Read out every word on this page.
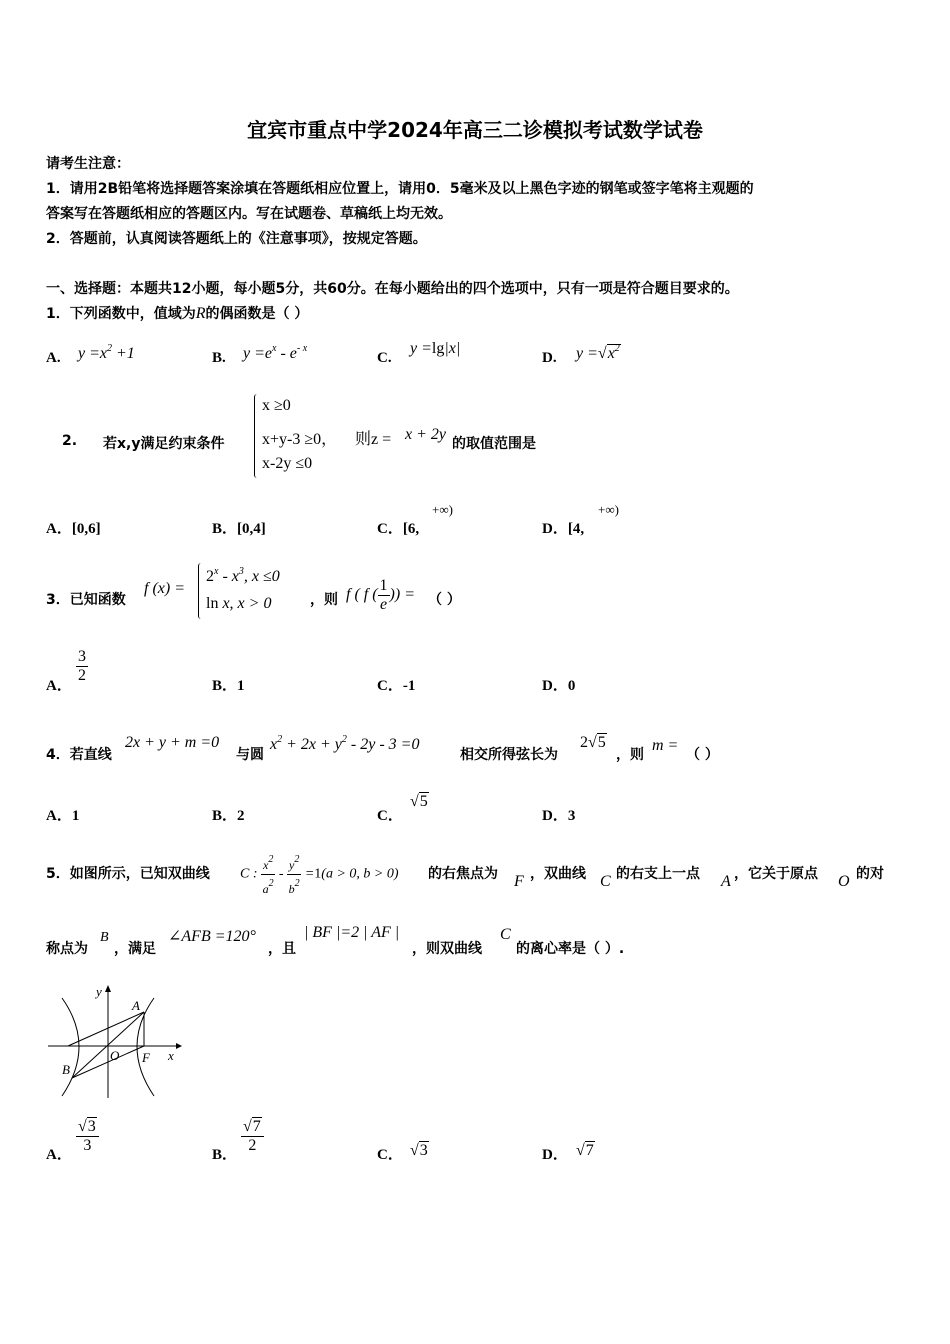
宜宾市重点中学2024年高三二诊模拟考试数学试卷
请考生注意：
1．请用2B铅笔将选择题答案涂填在答题纸相应位置上，请用0．5毫米及以上黑色字迹的钢笔或签字笔将主观题的
答案写在答题纸相应的答题区内。写在试题卷、草稿纸上均无效。
2．答题前，认真阅读答题纸上的《注意事项》，按规定答题。
一、选择题：本题共12小题，每小题5分，共60分。在每小题给出的四个选项中，只有一项是符合题目要求的。
1．下列函数中，值域为R的偶函数是（ ）
A. $y =x^2 +1$	B. $y =e^x - e^{- x}$
C.
y =lg|x|
D. $y =√x^2$
2. 若x,y满足约束条件
x ≥0
x+y-3 ≥0， 则z = x + 2y
的取值范围是
x-2y ≤0
A．[0,6]	B．[0,4]	C．[6,
+∞)
D．[4,
+∞)
3．已知函数
f (x) =
$2^x - x^3$, x ≤0
ln x, x > 0	，则 f ( f ( $\frac{1}{e}$ )) = （ ）
A．
$\frac{3}{2}$
B．1	C．-1	D．0
4．若直线
2x + y + m =0
与圆
$x^2 + 2x + y^2 - 2y - 3 =0$
相交所得弦长为
2√5
，则
m =
（ ）
A．1	B．2	C．
√5
D．3
5．如图所示，已知双曲线 C : $\frac{x^2}{a^2} - \frac{y^2}{b^2} =1(a > 0$, b > 0) 的右焦点为 F ，双曲线 C 的右支上一点 A ，它关于原点 O 的对
称点为
B
，满足
∠AFB =120°
，且
| BF |=2 | AF |
，则双曲线
C
的离心率是（ ）.
y
x
A
B
O F
A． $\frac{√3}{3}$	B． $\frac{√7}{2}$	C． √3	D． √7
